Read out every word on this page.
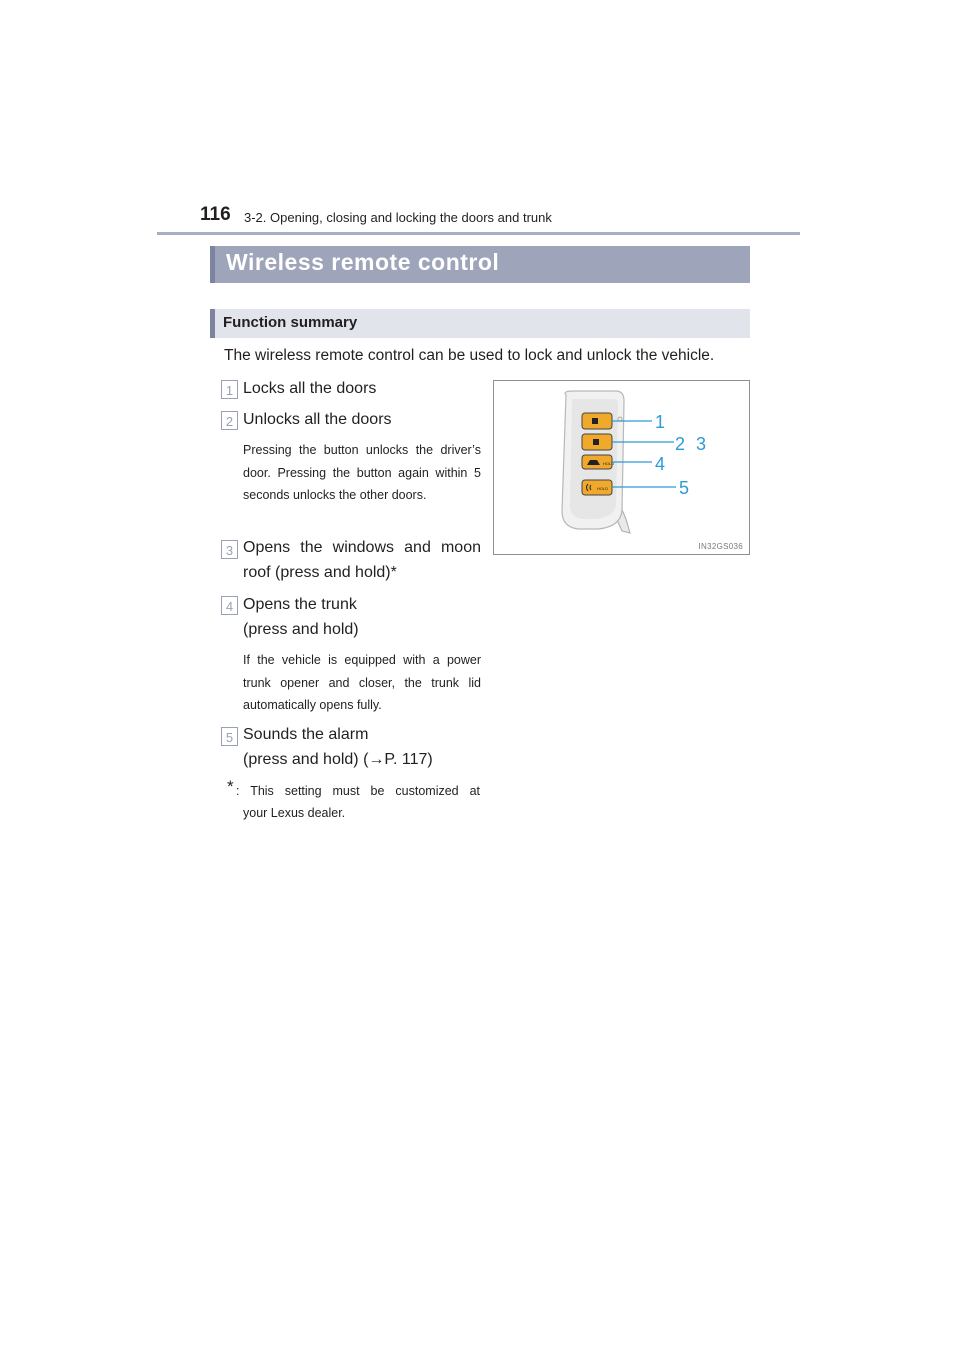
116 3-2. Opening, closing and locking the doors and trunk
Wireless remote control
Function summary
The wireless remote control can be used to lock and unlock the vehicle.
1 Locks all the doors
2 Unlocks all the doors
Pressing the button unlocks the driver’s door. Pressing the button again within 5 seconds unlocks the other doors.
3 Opens the windows and moon
roof (press and hold)*
4 Opens the trunk
(press and hold)
If the vehicle is equipped with a power trunk opener and closer, the trunk lid automatically opens fully.
5 Sounds the alarm
(press and hold) (→P. 117)
* : This setting must be customized at
your Lexus dealer.
HOLD
HOLD
1
2 3
4
5
IN32GS036
